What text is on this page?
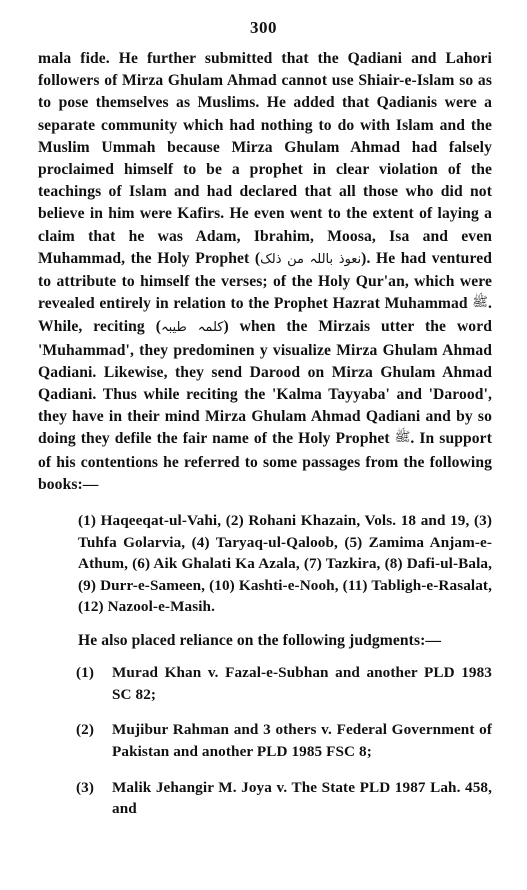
300

mala fide. He further submitted that the Qadiani and Lahori followers of Mirza Ghulam Ahmad cannot use Shiair-e-Islam so as to pose themselves as Muslims. He added that Qadianis were a separate community which had nothing to do with Islam and the Muslim Ummah because Mirza Ghulam Ahmad had falsely proclaimed himself to be a prophet in clear violation of the teachings of Islam and had declared that all those who did not believe in him were Kafirs. He even went to the extent of laying a claim that he was Adam, Ibrahim, Moosa, Isa and even Muhammad, the Holy Prophet (نعوذ باللہ من ذلک). He had ventured to attribute to himself the verses; of the Holy Qur'an, which were revealed entirely in relation to the Prophet Hazrat Muhammad ﷺ. While, reciting (کلمہ طیبہ) when the Mirzais utter the word 'Muhammad', they predominen y visualize Mirza Ghulam Ahmad Qadiani. Likewise, they send Darood on Mirza Ghulam Ahmad Qadiani. Thus while reciting the 'Kalma Tayyaba' and 'Darood', they have in their mind Mirza Ghulam Ahmad Qadiani and by so doing they defile the fair name of the Holy Prophet ﷺ. In support of his contentions he referred to some passages from the following books:—

(1) Haqeeqat-ul-Vahi, (2) Rohani Khazain, Vols. 18 and 19, (3) Tuhfa Golarvia, (4) Taryaq-ul-Qaloob, (5) Zamima Anjam-e-Athum, (6) Aik Ghalati Ka Azala, (7) Tazkira, (8) Dafi-ul-Bala, (9) Durr-e-Sameen, (10) Kashti-e-Nooh, (11) Tabligh-e-Rasalat, (12) Nazool-e-Masih.

He also placed reliance on the following judgments:—

(1)	Murad Khan v. Fazal-e-Subhan and another PLD 1983 SC 82;
(2)	Mujibur Rahman and 3 others v. Federal Government of Pakistan and another PLD 1985 FSC 8;
(3)	Malik Jehangir M. Joya v. The State PLD 1987 Lah. 458, and
